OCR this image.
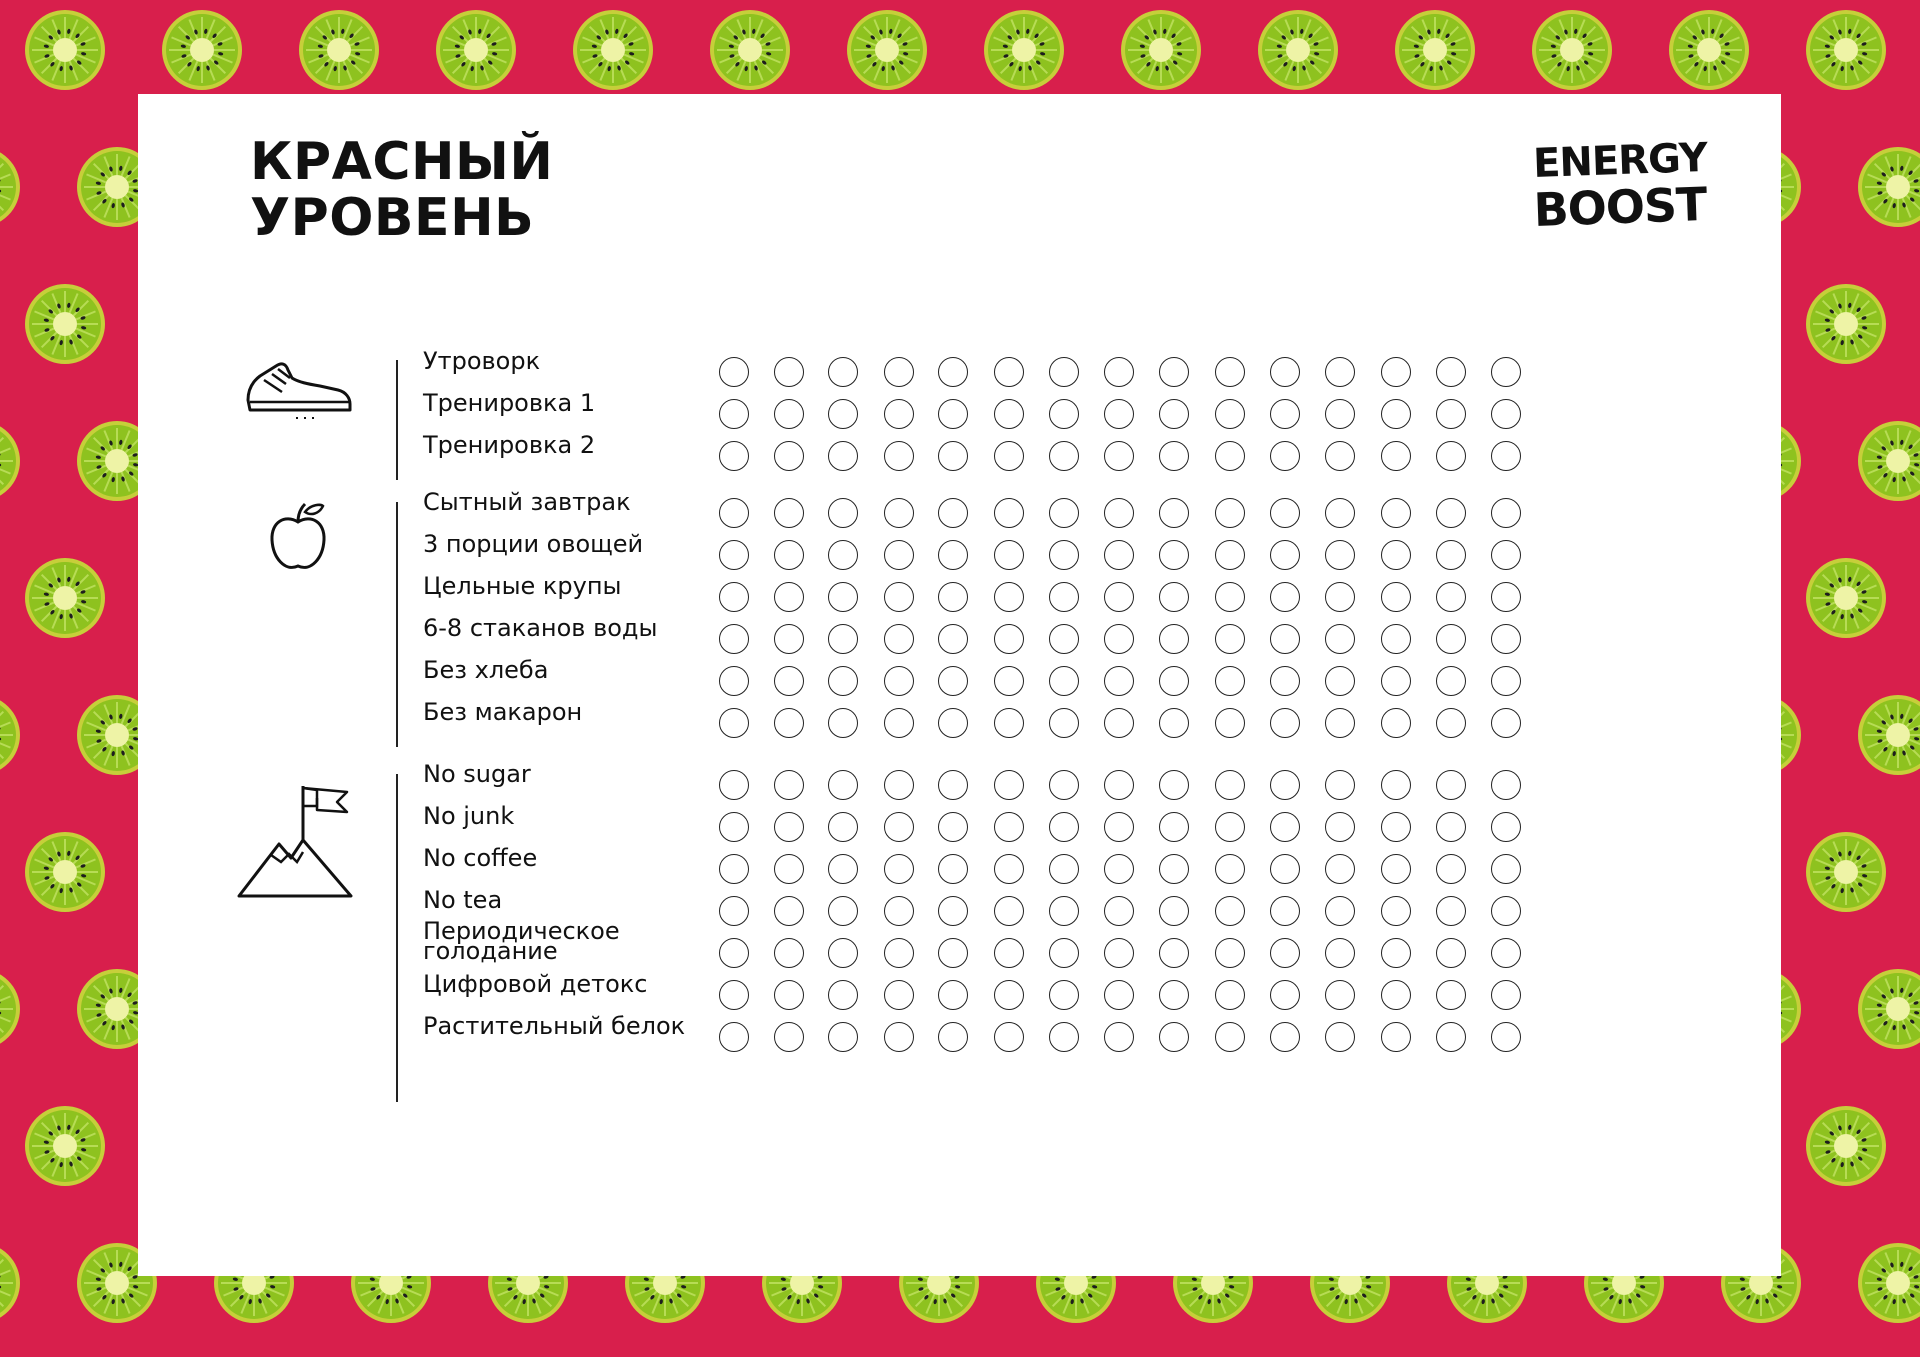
КРАСНЫЙ
УРОВЕНЬ
ENERGY
BOOST
Утроворк
Тренировка 1
Тренировка 2
Сытный завтрак
3 порции овощей
Цельные крупы
6-8 стаканов воды
Без хлеба
Без макарон
No sugar
No junk
No coffee
No tea
Периодическое голодание
Цифровой детокс
Растительный белок
